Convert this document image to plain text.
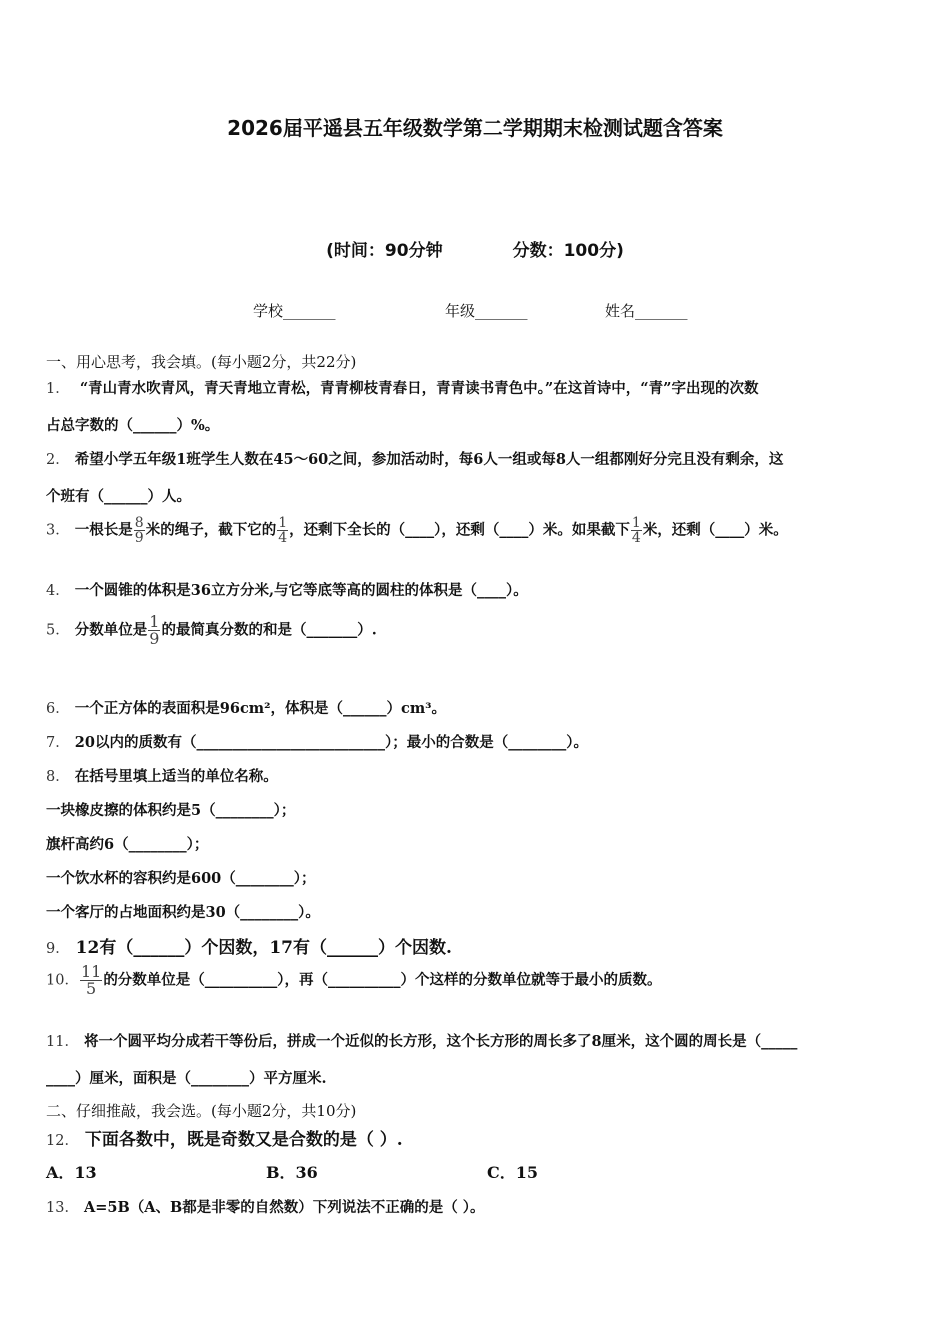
2026届平遥县五年级数学第二学期期末检测试题含答案
(时间：90分钟	分数：100分)
学校_______	年级_______	姓名_______
一、用心思考，我会填。(每小题2分，共22分)
1． “青山青水吹青风，青天青地立青松，青青柳枝青春日，青青读书青色中。”在这首诗中，“青”字出现的次数
占总字数的（______）%。
2． 希望小学五年级1班学生人数在45～60之间，参加活动时，每6人一组或每8人一组都刚好分完且没有剩余，这
个班有（______）人。
3． 一根长是 $\frac{8}{9}$ 米的绳子，截下它的 $\frac{1}{4}$ ，还剩下全长的（____），还剩（____）米。如果截下 $\frac{1}{4}$ 米，还剩（____）米。
4． 一个圆锥的体积是36立方分米,与它等底等高的圆柱的体积是（____）。
5． 分数单位是 $\frac{1}{9}$ 的最简真分数的和是（_______）.
6． 一个正方体的表面积是96cm²，体积是（______）cm³。
7． 20以内的质数有（__________________________）；最小的合数是（________）。
8． 在括号里填上适当的单位名称。
一块橡皮擦的体积约是5（________）；
旗杆高约6（________）；
一个饮水杯的容积约是600（________）；
一个客厅的占地面积约是30（________）。
9． 12有（______）个因数，17有（______）个因数.
10． $\frac{11}{5}$ 的分数单位是（__________），再（__________）个这样的分数单位就等于最小的质数。
11． 将一个圆平均分成若干等份后，拼成一个近似的长方形，这个长方形的周长多了8厘米，这个圆的周长是（_____
____）厘米，面积是（________）平方厘米.
二、仔细推敲，我会选。(每小题2分，共10分)
12． 下面各数中，既是奇数又是合数的是（ ）.
A．13	B．36	C．15
13． A=5B（A、B都是非零的自然数）下列说法不正确的是（ ）。
